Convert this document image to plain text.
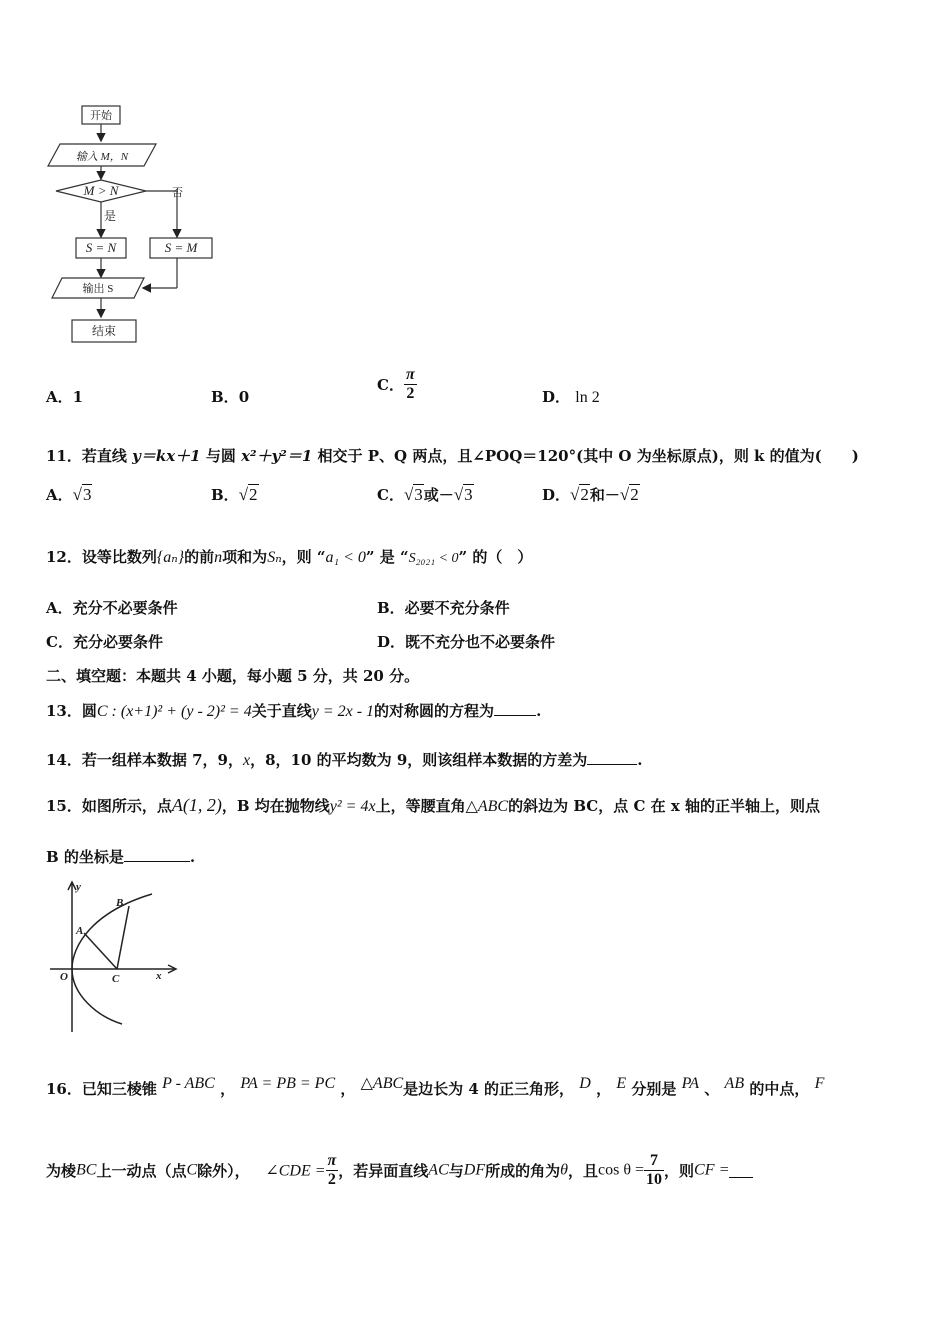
开始
输入 M，N
M > N	否
是
S = N	S = M
输出 S
结束
A．1	B．0
C． $\frac{\pi}{2}$	D． ln 2
11．若直线 y＝kx＋1 与圆 x²＋y²＝1 相交于 P、Q 两点，且∠POQ＝120°(其中 O 为坐标原点)，则 k 的值为(　　)
A．√3	B．√2	C．√3或－√3	D．√2和－√2
12．设等比数列{aₙ}的前n项和为Sₙ，则 “a₁ < 0” 是 “S₂₀₂₁ < 0” 的（　）
A．充分不必要条件	B．必要不充分条件
C．充分必要条件	D．既不充分也不必要条件
二、填空题：本题共 4 小题，每小题 5 分，共 20 分。
13．圆C : (x+1)² + (y - 2)² = 4关于直线y = 2x - 1的对称圆的方程为	.
14．若一组样本数据 7，9，x，8，10 的平均数为 9，则该组样本数据的方差为	.
15．如图所示，点A(1, 2)，B 均在抛物线y² = 4x上，等腰直角△ABC的斜边为 BC，点 C 在 x 轴的正半轴上，则点
B 的坐标是	.
y
x
O
A
B
C
16．已知三棱锥 P - ABC ， PA = PB = PC ， △ABC是边长为 4 的正三角形， D ， E 分别是 PA 、 AB 的中点， F
为棱BC上一动点（点C除外）， ∠CDE = $\frac{\pi}{2}$ ，若异面直线AC与DF所成的角为θ，且$\cos \theta = \frac{7}{10}$ ，则CF =
